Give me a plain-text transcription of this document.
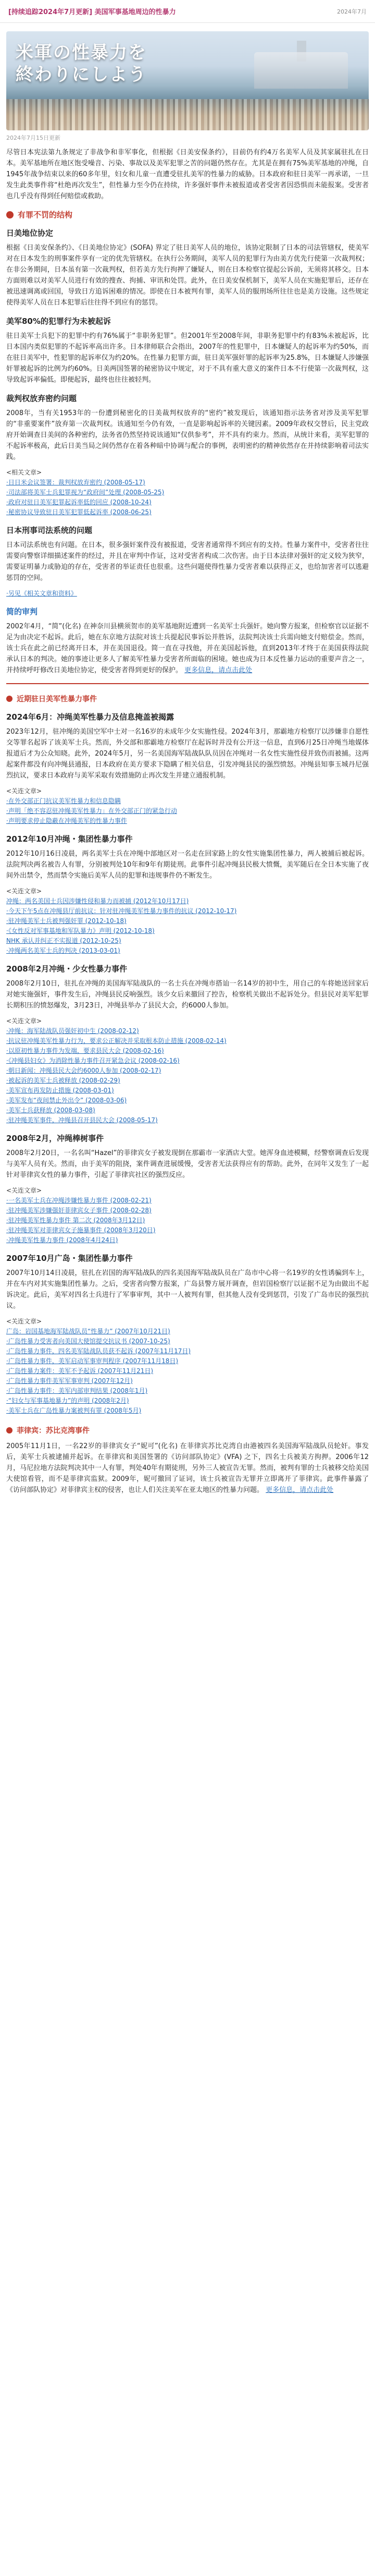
[持续追踪2024年7月更新] 美国军事基地周边的性暴力	2024年7月
米軍の性暴力を
終わりにしよう
2024年7月15日更新

尽管日本宪法第九条规定了非战争和非军事化，但根据《日美安保条约》，目前仍有约4万名美军人员及其家属驻扎在日本。美军基地所在地区饱受噪音、污染、事故以及美军犯罪之苦的问题仍然存在。尤其是在拥有75%美军基地的冲绳，自1945年战争结束以来的60多年里，妇女和儿童一直遭受驻扎美军的性暴力的威胁。日本政府和驻日美军一再承诺，一旦发生此类事件将“杜绝再次发生”，但性暴力至今仍在持续，许多强奸事件未被报道或者受害者因恐惧而未能报案。受害者也几乎没有得到任何赔偿或救助。

有罪不罚的结构
日美地位协定

根据《日美安保条约》、《日美地位协定》(SOFA) 界定了驻日美军人员的地位，该协定限制了日本的司法管辖权，使美军对在日本发生的刑事案件享有一定的优先管辖权。在执行公务期间，美军人员的犯罪行为由美方优先行使第一次裁判权；在非公务期间，日本虽有第一次裁判权，但若美方先行拘押了嫌疑人，则在日本检察官提起公诉前，无须将其移交。日本方面则难以对美军人员进行有效的搜查、拘捕、审讯和处罚。此外，在日美安保机制下，美军人员在实施犯罪后，还存在被迅速调离或回国，导致日方追诉困难的情况。即使在日本被判有罪，美军人员的服刑场所往往也是美方设施。这些规定使得美军人员在日本犯罪后往往得不到应有的惩罚。

美军80%的犯罪行为未被起诉

驻日美军士兵犯下的犯罪中约有76%属于“非职务犯罪”。但2001年至2008年间，非职务犯罪中约有83%未被起诉，比日本国内类似犯罪的不起诉率高出许多。日本律师联合会指出，2007年的性犯罪中，日本嫌疑人的起诉率为约50%，而在驻日美军中，性犯罪的起诉率仅为约20%。在性暴力犯罪方面，驻日美军强奸罪的起诉率为25.8%，日本嫌疑人涉嫌强奸罪被起诉的比例为约60%。日美两国签署的秘密协议中规定，对于不具有重大意义的案件日本不行使第一次裁判权，这导致起诉率偏低。即便起诉，最终也往往被轻判。

裁判权放弃密约问题

2008年，当有关1953年的一份遭到秘密化的日美裁判权放弃的“密约”被发现后，该通知指示法务省对涉及美军犯罪的“非重要案件”放弃第一次裁判权。该通知至今仍有效，一直是影响起诉率的关键因素。2009年政权交替后，民主党政府开始调查日美间的各种密约，法务省仍然坚持说该通知“仅供参考”，并不具有约束力。然而，从统计来看，美军犯罪的不起诉率极高，此后日美当局之间仍然存在着各种暗中协调与配合的事例，表明密约的精神依然存在并持续影响着司法实践。

<相关文章>
·日日米会议签署：裁判权放弃密约 (2008-05-17)
·司法部将美军士兵犯罪视为“政府间”处理 (2008-05-25)
·政府对驻日美军犯罪起诉率低的回应 (2008-10-24)
·秘密协议导致驻日美军犯罪低起诉率 (2008-06-25)
日本刑事司法系统的问题

日本司法系统也有问题。在日本，很多强奸案件没有被报道，受害者通常得不到应有的支持。性暴力案件中，受害者往往需要向警察详细描述案件的经过，并且在审判中作证，这对受害者构成二次伤害。由于日本法律对强奸的定义较为狭窄，需要证明暴力或胁迫的存在，受害者的举证责任也很重。这些问题使得性暴力受害者难以获得正义，也给加害者可以逃避惩罚的空间。

·另见《相关文章和资料》
简的审判

2002年4月，“简”(化名) 在神奈川县横须贺市的美军基地附近遭到一名美军士兵强奸。她向警方报案，但检察官以证据不足为由决定不起诉。此后，她在东京地方法院对该士兵提起民事诉讼并胜诉，法院判决该士兵需向她支付赔偿金。然而，该士兵在此之前已经离开日本，并在美国退役。简一直在寻找他，并在美国起诉他，直到2013年才终于在美国获得法院承认日本的判决。她的事迹让更多人了解美军性暴力受害者所面临的困境。她也成为日本反性暴力运动的重要声音之一，并持续呼吁修改日美地位协定，使受害者得到更好的保护。 更多信息，请点击此处

近期驻日美军性暴力事件
2024年6月：冲绳美军性暴力及信息掩盖被揭露

2023年12月，驻冲绳的美国空军中士对一名16岁的未成年少女实施性侵。2024年3月，那霸地方检察厅以涉嫌非自愿性交等罪名起诉了该美军士兵。然而，外交部和那霸地方检察厅在起诉时并没有公开这一信息，直到6月25日冲绳当地媒体报道后才为公众知晓。此外，2024年5月，另一名美国海军陆战队队员因在冲绳对一名女性实施性侵并致伤而被捕。这两起案件都没有向冲绳县通报，日本政府在美方要求下隐瞒了相关信息，引发冲绳县民的强烈愤怒。冲绳县知事玉城丹尼强烈抗议，要求日本政府与美军采取有效措施防止再次发生并建立通报机制。

<关连文章>
·在外交部正门抗议美军性暴力和信息隐瞒
·声明「绝不容忍驻冲绳美军性暴力」在外交部正门的紧急行动
·声明要求停止隐蔽在冲绳美军的性暴力事件
2012年10月冲绳・集团性暴力事件

2012年10月16日凌晨，两名美军士兵在冲绳中部地区对一名走在回家路上的女性实施集团性暴力，两人被捕后被起诉。法院判决两名被告人有罪，分别被判处10年和9年有期徒刑。此事件引起冲绳县民极大愤慨，美军随后在全日本实施了夜间外出禁令，然而禁令实施后美军人员的犯罪和违规事件仍不断发生。

<关连文章>
冲绳：两名美国士兵因涉嫌性侵和暴力而被捕 (2012年10月17日)
·今天下午5点在冲绳县厅前抗议：针对驻冲绳美军性暴力事件的抗议 (2012-10-17)
·驻冲绳美军士兵被判强奸罪 (2012-10-18)
·《女性反对军事基地和军队暴力》声明 (2012-10-18)
NHK 承认并纠正不实报道 (2012-10-25)
·冲绳两名美军士兵的判决 (2013-03-01)
2008年2月冲绳・少女性暴力事件

2008年2月10日，驻扎在冲绳的美国海军陆战队的一名士兵在冲绳市搭讪一名14岁的初中生，用自己的车将她送回家后对她实施强奸，事件发生后，冲绳县民反响强烈。该少女后来撤回了控告，检察机关做出不起诉处分。但县民对美军犯罪长期积压的愤怒爆发，3月23日，冲绳县举办了县民大会，约6000人参加。

<关连文章>
·冲绳：海军陆战队员强奸初中生 (2008-02-12)
·抗议驻冲绳美军性暴力行为，要求公正解决并采取根本防止措施 (2008-02-14)
·以原初性暴力事件为发端，要求县民大会 (2008-02-16)
·《冲绳县妇女》为消除性暴力事件召开紧急会议 (2008-02-16)
·朝日新闻：冲绳县民大会约6000人参加 (2008-02-17)
·被起诉的美军士兵被释放 (2008-02-29)
·美军宣布再发防止措施 (2008-03-01)
·美军发布“夜间禁止外出令” (2008-03-06)
·美军士兵获释放 (2008-03-08)
·驻冲绳美军事件，冲绳县召开县民大会 (2008-05-17)
2008年2月，冲绳棒树事件

2008年2月20日，一名名叫“Hazel”的菲律宾女子被发现倒在那霸市一家酒店大堂。她浑身血迹模糊，经警察调查后发现与美军人员有关。然而，由于美军的阻挠，案件调查进展缓慢，受害者无法获得应有的帮助。此外，在同年又发生了一起针对菲律宾女性的暴力事件，引起了菲律宾社区的强烈反应。

<关连文章>
·一名美军士兵在冲绳涉嫌性暴力事件 (2008-02-21)
·驻冲绳美军涉嫌强奸菲律宾女子事件 (2008-02-28)
·驻冲绳美军性暴力事件 第二次 (2008年3月12日)
·驻冲绳美军对菲律宾女子施暴事件 (2008年3月20日)
·冲绳美军性暴力事件 (2008年4月24日)
2007年10月广岛・集团性暴力事件

2007年10月14日凌晨，驻扎在岩国的海军陆战队的四名美国海军陆战队员在广岛市中心将一名19岁的女性诱骗到车上，并在车内对其实施集团性暴力。之后，受害者向警方报案，广岛县警方展开调查，但岩国检察厅以证据不足为由做出不起诉决定。此后，美军对四名士兵进行了军事审判，其中一人被判有罪，但其他人没有受到惩罚，引发了广岛市民的强烈抗议。

<关连文章>
广岛：岩国基地海军陆战队员“性暴力” (2007年10月21日)
·广岛性暴力受害者向美国大使馆提交抗议书 (2007-10-25)
·广岛性暴力事件，四名美军陆战队员获不起诉 (2007年11月17日)
·广岛性暴力事件，美军启动军事审判程序 (2007年11月18日)
·广岛性暴力案件：美军不予起诉 (2007年11月21日)
·广岛性暴力事件美军军事审判 (2007年12月)
·广岛性暴力事件：美军内部审判结果 (2008年1月)
·“妇女与军事基地暴力”的声明 (2008年2月)
·美军士兵在广岛性暴力案被判有罪 (2008年5月)
菲律宾：苏比克湾事件

2005年11月1日，一名22岁的菲律宾女子“妮可”(化名) 在菲律宾苏比克湾自由港被四名美国海军陆战队员轮奸。事发后，美军士兵被逮捕并起诉。在菲律宾和美国签署的《访问部队协定》(VFA) 之下，四名士兵被美方拘押。2006年12月，马尼拉地方法院判决其中一人有罪，判处40年有期徒刑，另外三人被宣告无罪。然而，被判有罪的士兵被移交给美国大使馆看管，而不是菲律宾监狱。2009年，妮可撤回了证词，该士兵被宣告无罪并立即离开了菲律宾。此事件暴露了《访问部队协定》对菲律宾主权的侵害，也让人们关注美军在亚太地区的性暴力问题。 更多信息，请点击此处
